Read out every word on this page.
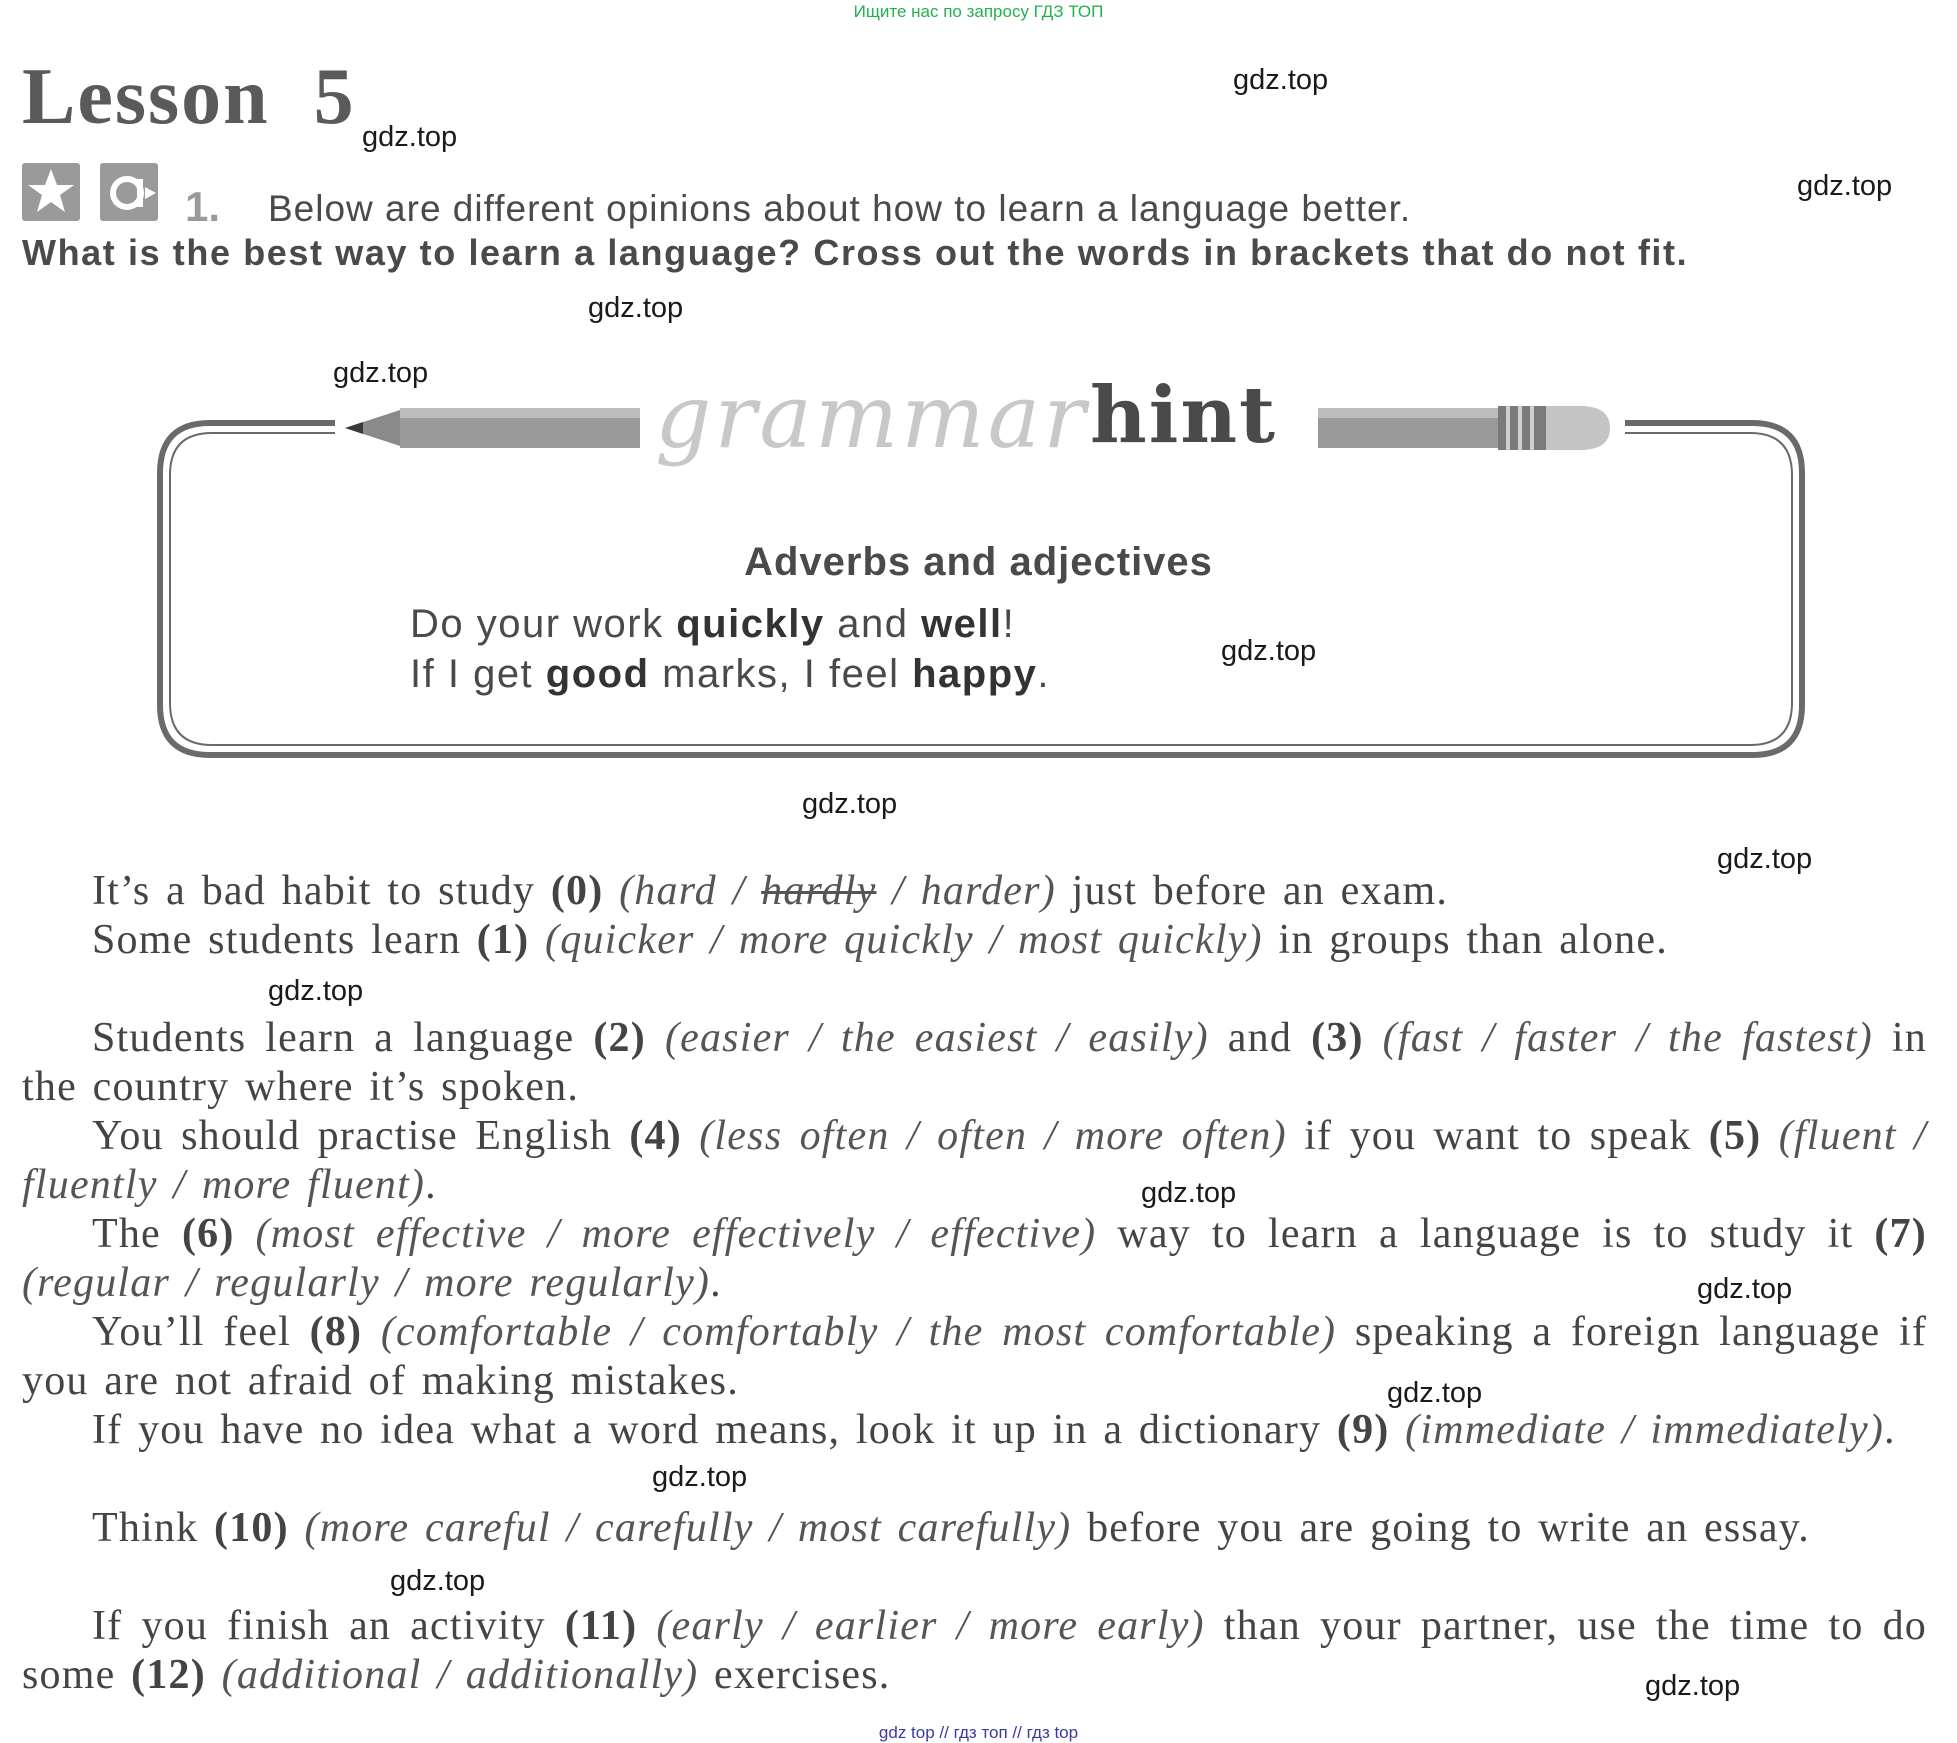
Ищите нас по запросу ГДЗ ТОП
Lesson  5	gdz.top
gdz.top
gdz.top
gdz.top
gdz.top
gdz.top
gdz.top
gdz.top
gdz.top
gdz.top
gdz.top
gdz.top
gdz.top
gdz.top
gdz.top
1. Below are different opinions about how to learn a language better.
What is the best way to learn a language? Cross out the words in brackets that do not fit.
grammar hint
Adverbs and adjectives
Do your work quickly and well!
If I get good marks, I feel happy.
It’s a bad habit to study (0) (hard / hardly / harder) just before an exam.
Some students learn (1) (quicker / more quickly / most quickly) in groups than alone.
Students learn a language (2) (easier / the easiest / easily) and (3) (fast / faster / the fastest) in the country where it’s spoken.
You should practise English (4) (less often / often / more often) if you want to speak (5) (fluent / fluently / more fluent).
The (6) (most effective / more effectively / effective) way to learn a language is to study it (7) (regular / regularly / more regularly).
You’ll feel (8) (comfortable / comfortably / the most comfortable) speaking a foreign language if you are not afraid of making mistakes.
If you have no idea what a word means, look it up in a dictionary (9) (immediate / immediately).
Think (10) (more careful / carefully / most carefully) before you are going to write an essay.
If you finish an activity (11) (early / earlier / more early) than your partner, use the time to do some (12) (additional / additionally) exercises.
gdz top // гдз топ // гдз top
